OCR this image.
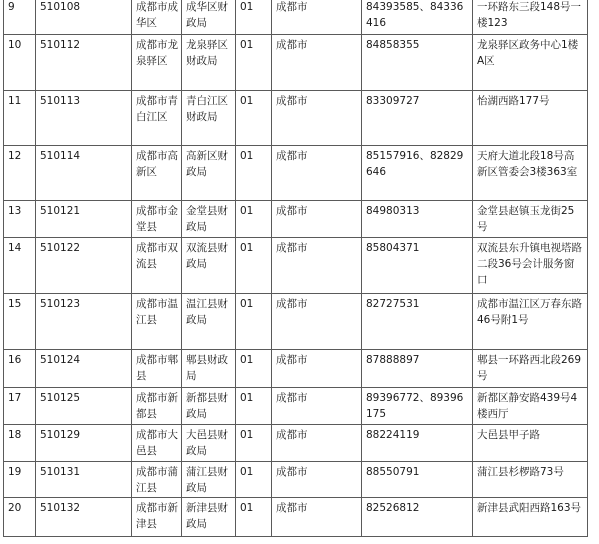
9	510108	成都市成华区	成华区财政局	01	成都市	84393585、84336416	一环路东三段148号一楼123
10	510112	成都市龙泉驿区	龙泉驿区财政局	01	成都市	84858355	龙泉驿区政务中心1楼A区
11	510113	成都市青白江区	青白江区财政局	01	成都市	83309727	怡湖西路177号
12	510114	成都市高新区	高新区财政局	01	成都市	85157916、82829646	天府大道北段18号高新区管委会3楼363室
13	510121	成都市金堂县	金堂县财政局	01	成都市	84980313	金堂县赵镇玉龙街25号
14	510122	成都市双流县	双流县财政局	01	成都市	85804371	双流县东升镇电视塔路二段36号会计服务窗口
15	510123	成都市温江县	温江县财政局	01	成都市	82727531	成都市温江区万春东路46号附1号
16	510124	成都市郫县	郫县财政局	01	成都市	87888897	郫县一环路西北段269号
17	510125	成都市新都县	新都县财政局	01	成都市	89396772、89396175	新都区静安路439号4楼西厅
18	510129	成都市大邑县	大邑县财政局	01	成都市	88224119	大邑县甲子路
19	510131	成都市蒲江县	蒲江县财政局	01	成都市	88550791	蒲江县杉椤路73号
20	510132	成都市新津县	新津县财政局	01	成都市	82526812	新津县武阳西路163号
